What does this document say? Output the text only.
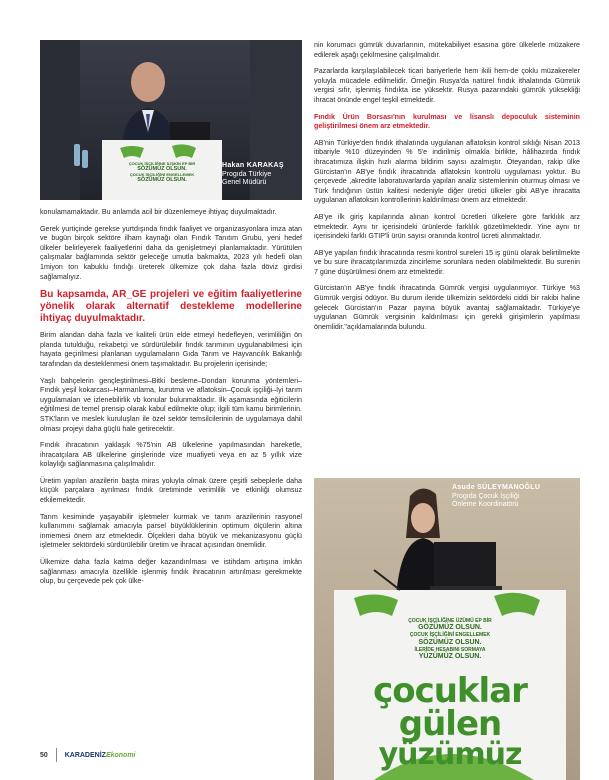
ÇOCUK İŞÇİLİĞİNE İLİŞKİN EP BİR
SÖZÜMÜZ OLSUN.
ÇOCUK İŞÇİLİĞİNİ ENGELLEMEK
SÖZÜMÜZ OLSUN.
Hakan KARAKAŞ
Progıda Türkiye
Genel Müdürü

konulamamaktadır. Bu anlamda acil bir düzenlemeye ihtiyaç duyulmaktadır.

Gerek yurtiçinde gerekse yurtdışında fındık faaliyet ve organizasyonlara imza atan ve bugün birçok sektöre ilham kaynağı olan Fındık Tanıtım Grubu, yeni hedef ülkeler belirleyerek faaliyetlerini daha da genişletmeyi planlamaktadır. Yürütülen çalışmalar bağlamında sektör geleceğe umutla bakmakta, 2023 yılı hedefi olan 1miyon ton kabuklu fındığı üreterek ülkemize çok daha fazla döviz girdisi sağlamalıyız.

Bu kapsamda, AR_GE projeleri ve eğitim faaliyetlerine yönelik olarak alternatif destekleme modellerine ihtiyaç duyulmaktadır.

Birim alandan daha fazla ve kaliteli ürün elde etmeyi hedefleyen, verimliliğin ön planda tutulduğu, rekabetçi ve sürdürülebilir fındık tarımının uygulanabilmesi için hayata geçirilmesi planlanan uygulamaların Gıda Tarım ve Hayvancılık Bakanlığı tarafından da desteklenmesi önem taşımaktadır. Bu projelerin içerisinde;

Yaşlı bahçelerin gençleştirilmesi–Bitki besleme–Dondan korunma yöntemleri–Fındık yeşil kokarcası–Harmanlama, kurutma ve aflatoksin–Çocuk işçiliği–İyi tarım uygulamaları ve izlenebilirlik vb konular bulunmaktadır. İlk aşamasında eğiticilerin eğitilmesi de temel prensip olarak kabul edilmekte olup; ilgili tüm kamu birimlerinin. STK'ların ve meslek kuruluşları ile özel sektör temsilcilerinin de uygulamaya dahil olması projeyi daha güçlü hale getirecektir.

Fındık ihracatının yaklaşık %75'nin AB ülkelerine yapılmasından hareketle, ihracatçılara AB ülkelerine girişlerinde vize muafiyeti veya en az 5 yıllık vize kolaylığı sağlanmasına çalışılmalıdır.

Üretim yapılan arazilerin başta miras yoluyla olmak üzere çeşitli sebeplerle daha küçük parçalara ayrılması fındık üretiminde verimlilik ve etkinliği olumsuz etkilemektedir.

Tarım kesiminde yaşayabilir işletmeler kurmak ve tarım arazilerinin rasyonel kullanımını sağlamak amacıyla parsel büyüklüklerinin optimum ölçülerin altına inmemesi önem arz etmektedir. Ölçekleri daha büyük ve mekanizasyonu güçlü işletmeler sektördeki sürdürülebilir üretim ve ihracat açısından önemlidir.

Ülkemize daha fazla katma değer kazandırılması ve istihdam artışına imkân sağlanması amacıyla özellikle işlenmiş fındık ihracatının artırılması gerekmekte olup, bu çerçevede pek çok ülke-

nin korumacı gümrük duvarlarının, mütekabiliyet esasına göre ülkelerle müzakere edilerek aşağı çekilmesine çalışılmalıdır.

Pazarlarda karşılaşılabilecek ticari bariyerlerle hem ikili hem-de çoklu müzakereler yoluyla mücadele edilmelidir. Örneğin Rusya'da natürel fındık ithalatında Gümrük vergisi sıfır, işlenmiş fındıkta ise yüksektir. Rusya pazarındaki gümrük yüksekliği ihracat önünde engel teşkil etmektedir.

Fındık Ürün Borsası'nın kurulması ve lisanslı depoculuk sisteminin geliştirilmesi önem arz etmektedir.

AB'nin Türkiye'den fındık ithalatında uygulanan aflatoksin kontrol sıklığı Nisan 2013 itibariyle %10 düzeyinden % 5'e indirilmiş olmakla birlikte, hâlihazırda fındık ihracatımıza ilişkin hızlı alarma bildirim sayısı azalmıştır. Öteyandan, rakip ülke Gürcistan'ın AB'ye fındık ihracatında aflatoksin kontrolü uygulaması yoktur. Bu çerçevede ,akredite laboratuvarlarda yapılan analiz sistemlerinin oturmuş olması ve Türk fındığının üstün kalitesi nedeniyle diğer üretici ülkeler gibi AB'ye ihracatta uygulanan aflatoksin kontrollerinin kaldırılması önem arz etmektedir.

AB'ye ilk giriş kapılarında alınan kontrol ücretleri ülkelere göre farklılık arz etmektedir. Aynı tır içerisindeki ürünlerde farklılık gözetilmektedir. Yine aynı tır içerisindeki farklı GTIP'li ürün sayısı oranında kontrol ücreti alınmaktadır.

AB'ye yapılan fındık ihracatında resmi kontrol sureleri 15 iş günü olarak belirtilmekte ve bu sure ihracatçılarımızda zincirleme sorunlara neden olabilmektedir. Bu surenin 7 güne düşürülmesi önem arz etmektedir.

Gürcistan'ın AB'ye fındık ihracatında Gümrük vergisi uygulanmıyor. Türkiye %3 Gümrük vergisi ödüyor. Bu durum ileride ülkemizin sektördeki ciddi bir rakibi haline gelecek Gürcistan'ın Pazar payına büyük avantaj sağlamaktadır. Türkiye'ye uygulanan Gümrük vergisinin kaldırılması için gerekli girişimlerin yapılması önemlidir."açıklamalarında bulundu.

ÇOCUK İŞÇİLİĞİNE ÜZÜMÜ EP BİR
GÖZÜMÜZ OLSUN.
ÇOCUK İŞÇİLİĞİNİ ENGELLEMEK
SÖZÜMÜZ OLSUN.
İLERİDE HESABINI SORMAYA
YÜZÜMÜZ OLSUN.
çocuklar
gülen
yüzümüz
Asude SÜLEYMANOĞLU
Progıda Çocuk İşçiliği
Önleme Koordinatörü
50 KARADENİZEkonomi
